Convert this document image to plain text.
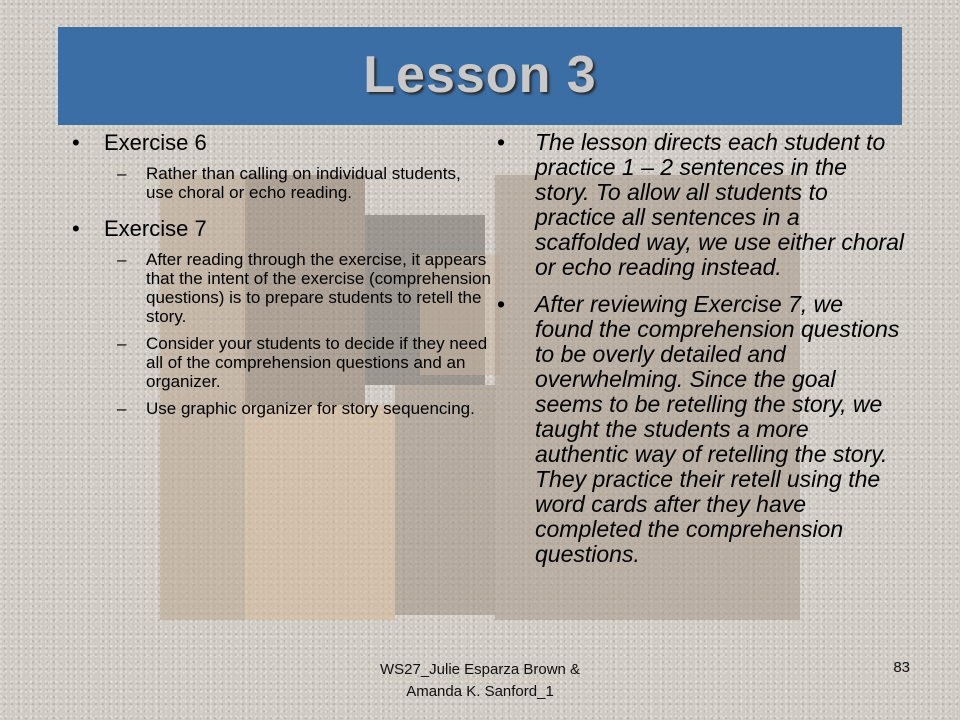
Lesson 3
• Exercise 6
– Rather than calling on individual students, use choral or echo reading.
• Exercise 7
– After reading through the exercise, it appears that the intent of the exercise (comprehension questions) is to prepare students to retell the story.
– Consider your students to decide if they need all of the comprehension questions and an organizer.
– Use graphic organizer for story sequencing.
• The lesson directs each student to practice 1 – 2 sentences in the story. To allow all students to practice all sentences in a scaffolded way, we use either choral or echo reading instead.
• After reviewing Exercise 7, we found the comprehension questions to be overly detailed and overwhelming. Since the goal seems to be retelling the story, we taught the students a more authentic way of retelling the story. They practice their retell using the word cards after they have completed the comprehension questions.
WS27_Julie Esparza Brown &
Amanda K. Sanford_1
83
